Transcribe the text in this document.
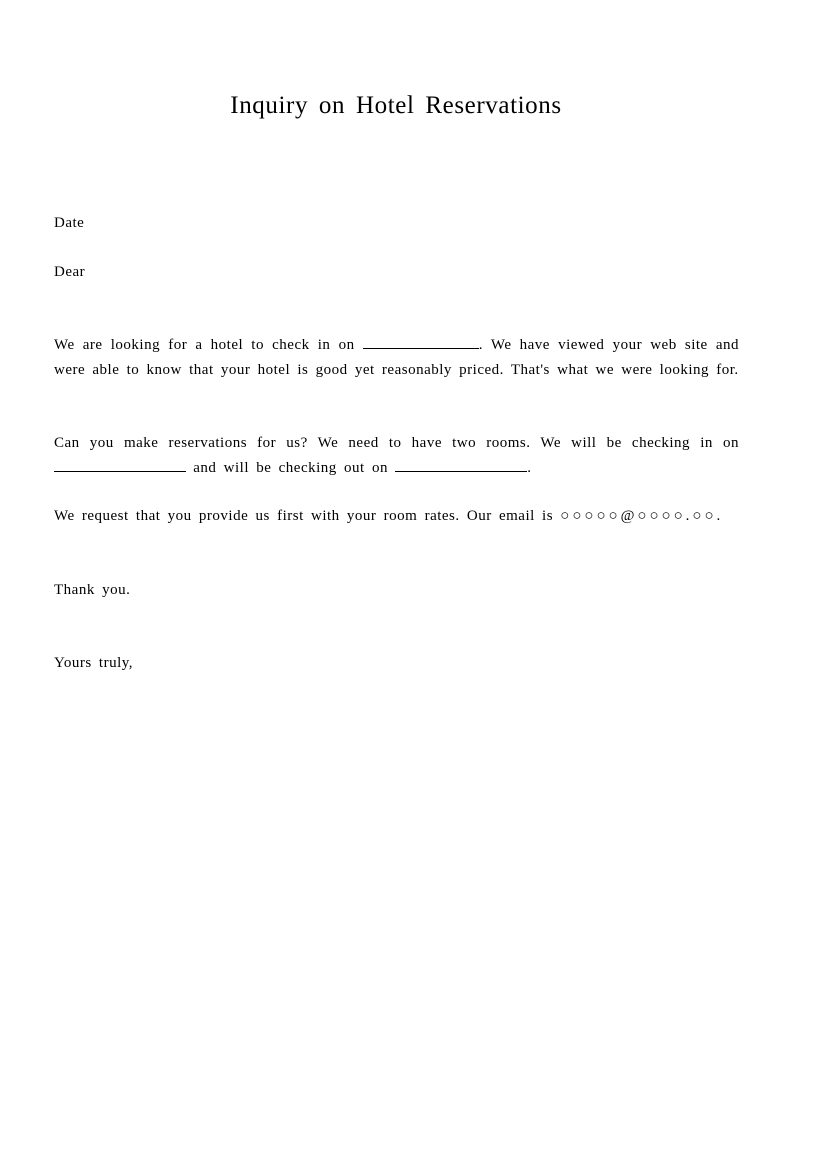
Inquiry on Hotel Reservations
Date
Dear
We are looking for a hotel to check in on	. We have viewed your web site and were able to know that your hotel is good yet reasonably priced. That's what we were looking for.
Can you make reservations for us? We need to have two rooms. We will be checking in on  and will be checking out on	.
We request that you provide us first with your room rates. Our email is ○○○○○@○○○○.○○.
Thank you.
Yours truly,
